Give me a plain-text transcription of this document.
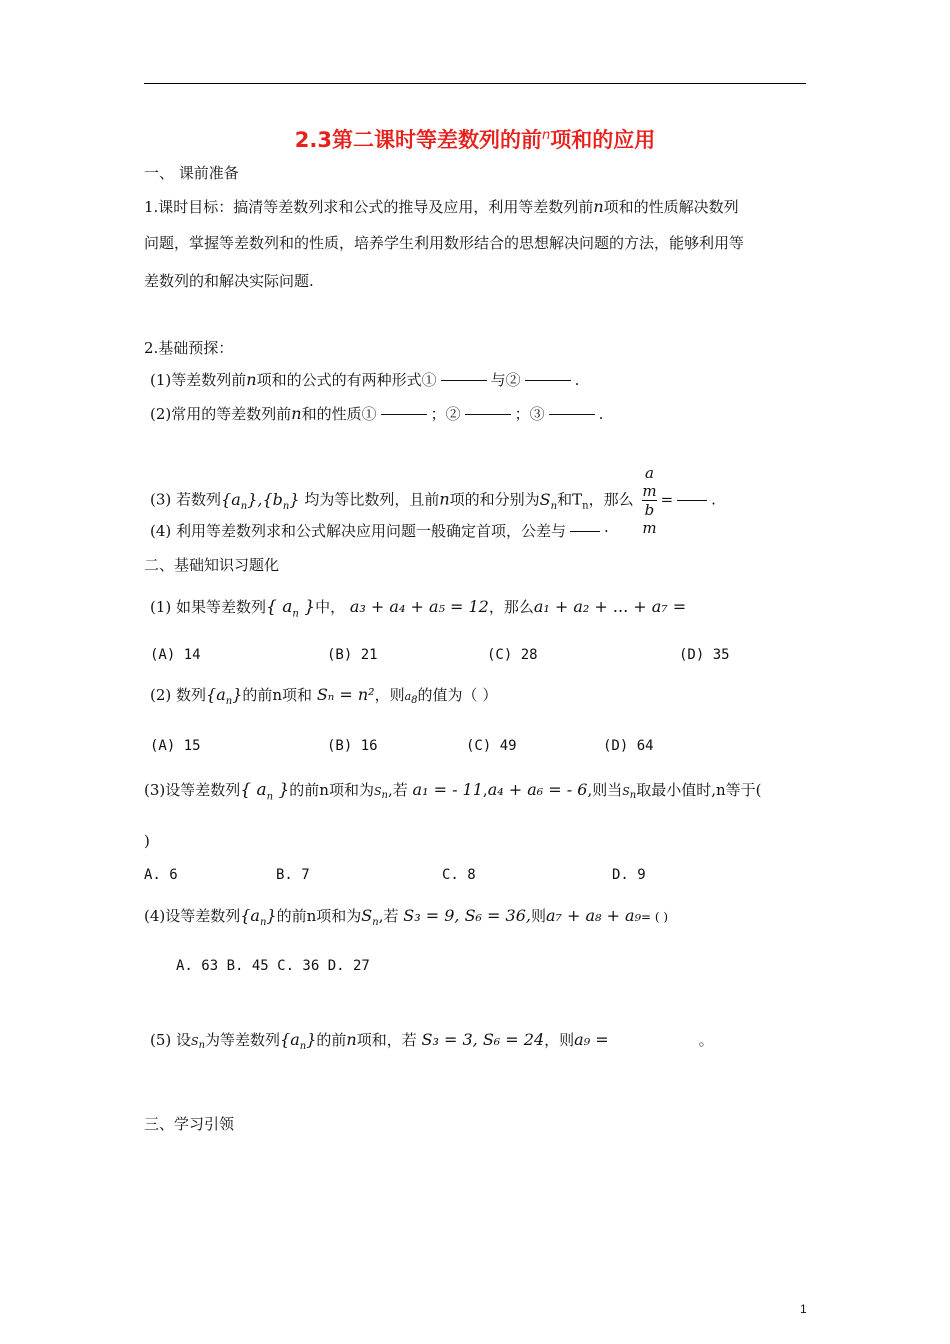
2.3第二课时等差数列的前$^n$项和的应用
一、 课前准备
1.课时目标：搞清等差数列求和公式的推导及应用，利用等差数列前n项和的性质解决数列
问题，掌握等差数列和的性质，培养学生利用数形结合的思想解决问题的方法，能够利用等
差数列的和解决实际问题.
2.基础预探：
(1)等差数列前n项和的公式的有两种形式①	与②	.
(2)常用的等差数列前n和的性质①	；②	；③	.
(3) 若数列$\{a_n\},\{b_n\}$ 均为等比数列，且前n项的和分别为$S_n$和$T_n$，那么 a
m
b
m =	.
(4) 利用等差数列求和公式解决应用问题一般确定首项，公差与	·
二、基础知识习题化
(1) 如果等差数列{ $a_n$ }中， a₃ + a₄ + a₅ = 12，那么a₁ + a₂ + ... + a₇ =
(A) 14	(B) 21	(C) 28	(D) 35
(2) 数列$\{a_n\}$的前n项和 Sₙ = n²，则a8的值为（ ）
(A) 15	(B) 16	(C) 49	(D) 64
(3)设等差数列{ $a_n$ }的前n项和为Sn,若 a₁ = - 11,a₄ + a₆ = - 6,则当Sn取最小值时,n等于(
)
A. 6	B. 7	C. 8	D. 9
(4)设等差数列$\{a_n\}$的前n项和为$S_n$,若 S₃ = 9, S₆ = 36,则a₇ + a₈ + a₉= ( )
A. 63 B. 45 C. 36 D. 27
(5) 设Sn为等差数列$\{a_n\}$的前n项和，若 S₃ = 3, S₆ = 24，则a₉ =	。
三、学习引领
1
